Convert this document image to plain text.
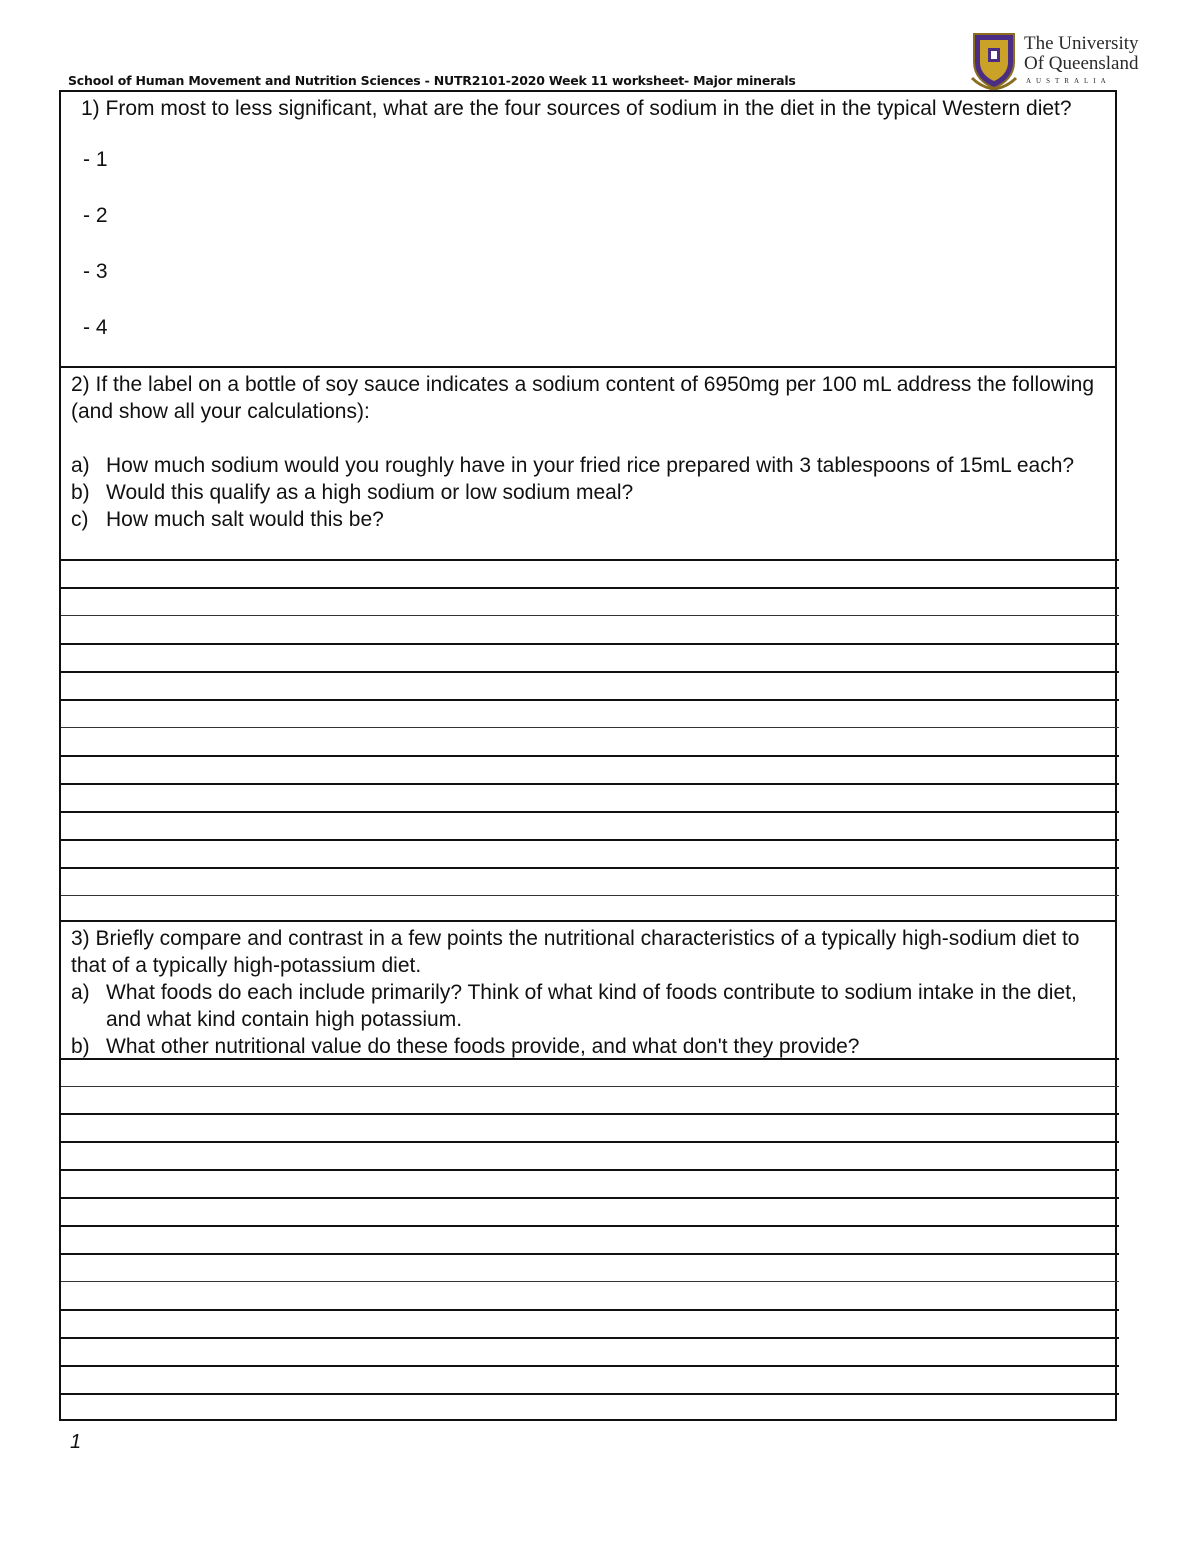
School of Human Movement and Nutrition Sciences - NUTR2101-2020 Week 11 worksheet- Major minerals
The University
Of Queensland
AUSTRALIA
1) From most to less significant, what are the four sources of sodium in the diet in the typical Western diet?
- 1
- 2
- 3
- 4
2) If the label on a bottle of soy sauce indicates a sodium content of 6950mg per 100 mL address the following (and show all your calculations):
a) How much sodium would you roughly have in your fried rice prepared with 3 tablespoons of 15mL each?
b) Would this qualify as a high sodium or low sodium meal?
c) How much salt would this be?
3) Briefly compare and contrast in a few points the nutritional characteristics of a typically high-sodium diet to that of a typically high-potassium diet.
a) What foods do each include primarily? Think of what kind of foods contribute to sodium intake in the diet, and what kind contain high potassium.
b) What other nutritional value do these foods provide, and what don't they provide?
1
